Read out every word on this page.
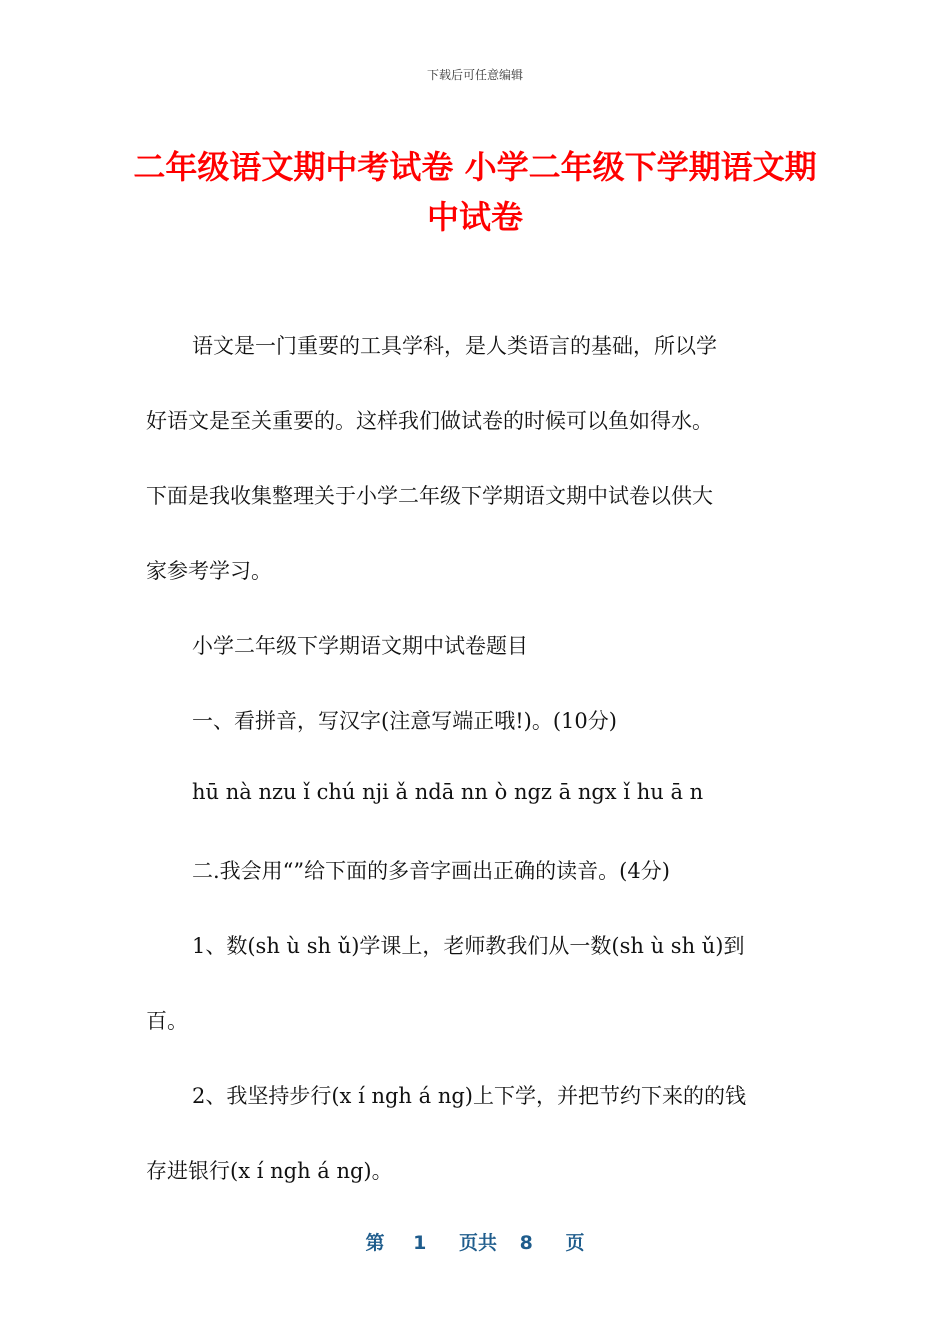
下载后可任意编辑
二年级语文期中考试卷 小学二年级下学期语文期中试卷
语文是一门重要的工具学科，是人类语言的基础，所以学
好语文是至关重要的。这样我们做试卷的时候可以鱼如得水。
下面是我收集整理关于小学二年级下学期语文期中试卷以供大
家参考学习。
小学二年级下学期语文期中试卷题目
一、看拼音，写汉字(注意写端正哦!)。(10分)
hū nà nzu ǐ chú nji ǎ ndā nn ò ngz ā ngx ǐ hu ā n
二.我会用“”给下面的多音字画出正确的读音。(4分)
1、数(sh ù sh ǔ)学课上，老师教我们从一数(sh ù sh ǔ)到
百。
2、我坚持步行(x í ngh á ng)上下学，并把节约下来的的钱
存进银行(x í ngh á ng)。
第 1 页共 8 页
